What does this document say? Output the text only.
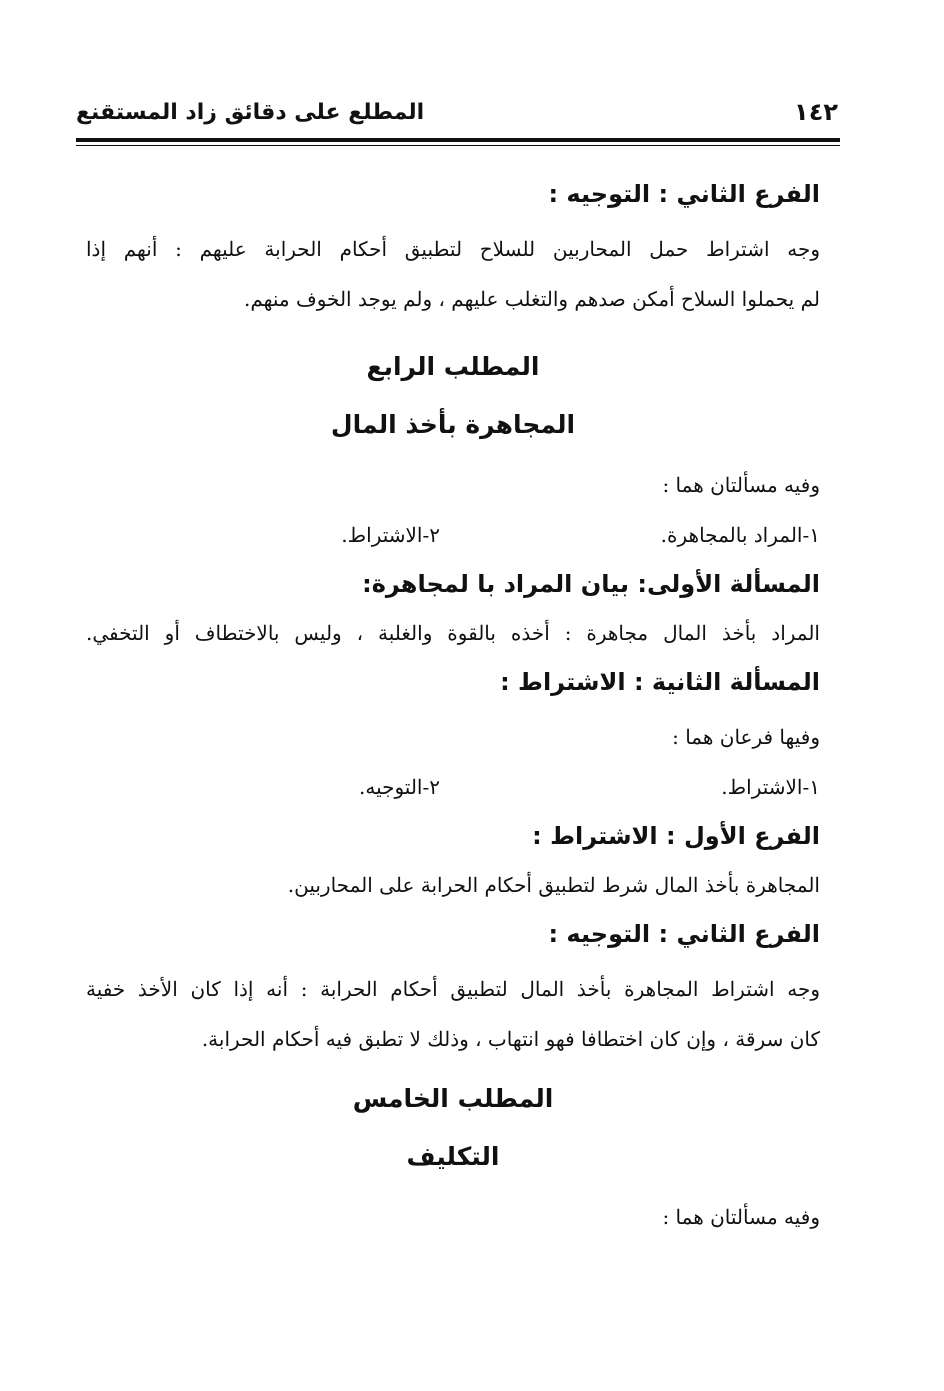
١٤٢
المطلع على دقائق زاد المستقنع
الفرع الثاني : التوجيه :
وجه اشتراط حمل المحاربين للسلاح لتطبيق أحكام الحرابة عليهم : أنهم إذا
لم يحملوا السلاح أمكن صدهم والتغلب عليهم ، ولم يوجد الخوف منهم.
المطلب الرابع
المجاهرة بأخذ المال
وفيه مسألتان هما :
١-المراد بالمجاهرة.
٢-الاشتراط.
المسألة الأولى: بيان المراد با لمجاهرة:
المراد بأخذ المال مجاهرة : أخذه بالقوة والغلبة ، وليس بالاختطاف أو التخفي.
المسألة الثانية : الاشتراط :
وفيها فرعان هما :
١-الاشتراط.
٢-التوجيه.
الفرع الأول : الاشتراط :
المجاهرة بأخذ المال شرط لتطبيق أحكام الحرابة على المحاربين.
الفرع الثاني : التوجيه :
وجه اشتراط المجاهرة بأخذ المال لتطبيق أحكام الحرابة : أنه إذا كان الأخذ خفية
كان سرقة ، وإن كان اختطافا فهو انتهاب ، وذلك لا تطبق فيه أحكام الحرابة.
المطلب الخامس
التكليف
وفيه مسألتان هما :
